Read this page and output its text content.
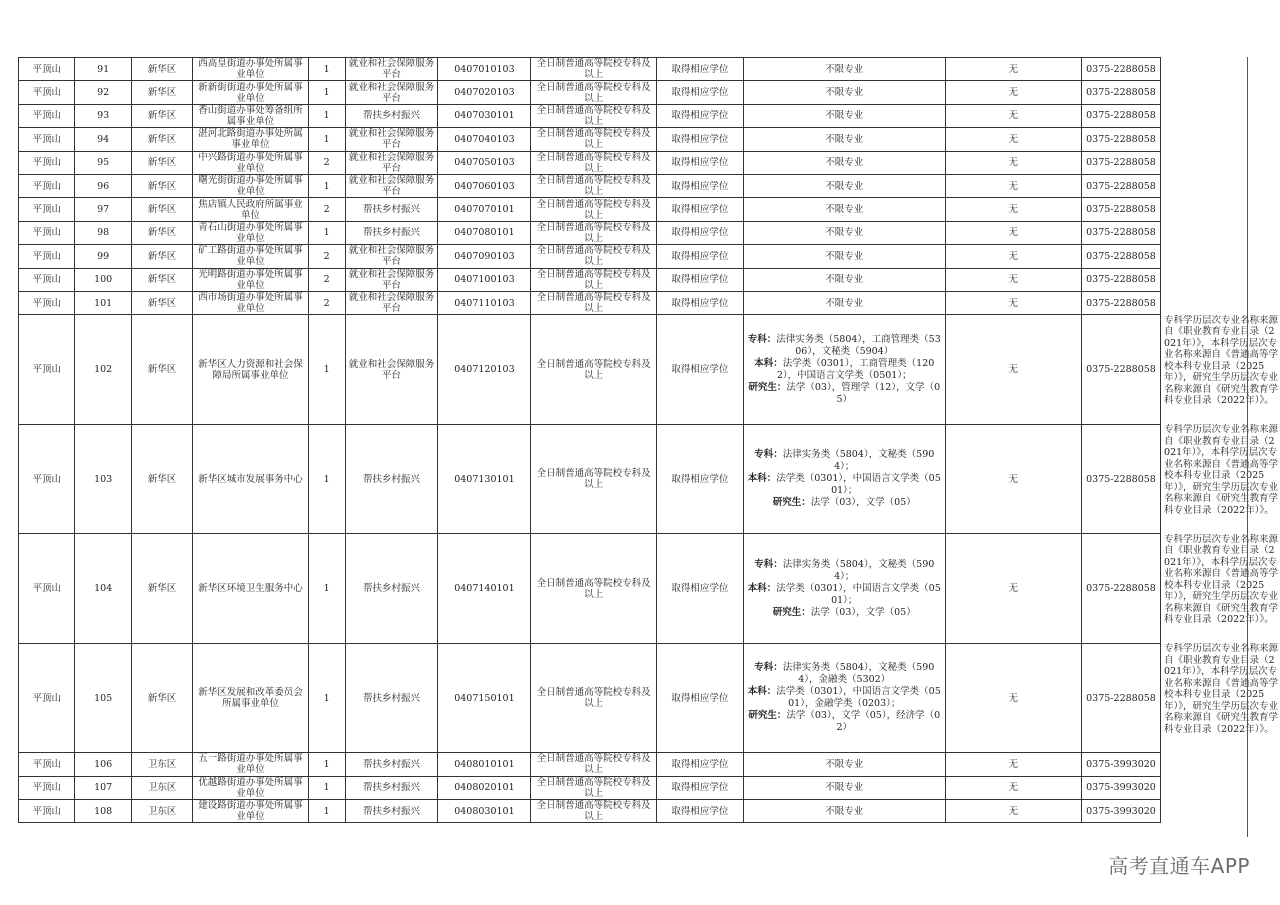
平顶山	91	新华区	西高皇街道办事处所属事业单位	1	就业和社会保障服务平台	0407010103	全日制普通高等院校专科及以上	取得相应学位	不限专业	无	0375-2288058	

平顶山	92	新华区	新新街街道办事处所属事业单位	1	就业和社会保障服务平台	0407020103	全日制普通高等院校专科及以上	取得相应学位	不限专业	无	0375-2288058	

平顶山	93	新华区	香山街道办事处筹备组所属事业单位	1	帮扶乡村振兴	0407030101	全日制普通高等院校专科及以上	取得相应学位	不限专业	无	0375-2288058	

平顶山	94	新华区	湛河北路街道办事处所属事业单位	1	就业和社会保障服务平台	0407040103	全日制普通高等院校专科及以上	取得相应学位	不限专业	无	0375-2288058	

平顶山	95	新华区	中兴路街道办事处所属事业单位	2	就业和社会保障服务平台	0407050103	全日制普通高等院校专科及以上	取得相应学位	不限专业	无	0375-2288058	

平顶山	96	新华区	曙光街街道办事处所属事业单位	1	就业和社会保障服务平台	0407060103	全日制普通高等院校专科及以上	取得相应学位	不限专业	无	0375-2288058	

平顶山	97	新华区	焦店镇人民政府所属事业单位	2	帮扶乡村振兴	0407070101	全日制普通高等院校专科及以上	取得相应学位	不限专业	无	0375-2288058	

平顶山	98	新华区	青石山街道办事处所属事业单位	1	帮扶乡村振兴	0407080101	全日制普通高等院校专科及以上	取得相应学位	不限专业	无	0375-2288058	

平顶山	99	新华区	矿工路街道办事处所属事业单位	2	就业和社会保障服务平台	0407090103	全日制普通高等院校专科及以上	取得相应学位	不限专业	无	0375-2288058	

平顶山	100	新华区	光明路街道办事处所属事业单位	2	就业和社会保障服务平台	0407100103	全日制普通高等院校专科及以上	取得相应学位	不限专业	无	0375-2288058	

平顶山	101	新华区	西市场街道办事处所属事业单位	2	就业和社会保障服务平台	0407110103	全日制普通高等院校专科及以上	取得相应学位	不限专业	无	0375-2288058	

平顶山	102	新华区	新华区人力资源和社会保障局所属事业单位	1	就业和社会保障服务平台	0407120103	全日制普通高等院校专科及以上	取得相应学位	专科：法律实务类（5804），工商管理类（5306），文秘类（5904）
本科：法学类（0301），工商管理类（1202），中国语言文学类（0501）；
研究生：法学（03），管理学（12），文学（05）	无	0375-2288058	专科学历层次专业名称来源自《职业教育专业目录（2021年）》，本科学历层次专业名称来源自《普通高等学校本科专业目录（2025年）》，研究生学历层次专业名称来源自《研究生教育学科专业目录（2022年）》。
平顶山	103	新华区	新华区城市发展事务中心	1	帮扶乡村振兴	0407130101	全日制普通高等院校专科及以上	取得相应学位	专科：法律实务类（5804），文秘类（5904）；
本科：法学类（0301），中国语言文学类（0501）；
研究生：法学（03），文学（05）	无	0375-2288058	专科学历层次专业名称来源自《职业教育专业目录（2021年）》，本科学历层次专业名称来源自《普通高等学校本科专业目录（2025年）》，研究生学历层次专业名称来源自《研究生教育学科专业目录（2022年）》。
平顶山	104	新华区	新华区环境卫生服务中心	1	帮扶乡村振兴	0407140101	全日制普通高等院校专科及以上	取得相应学位	专科：法律实务类（5804），文秘类（5904）；
本科：法学类（0301），中国语言文学类（0501）；
研究生：法学（03），文学（05）	无	0375-2288058	专科学历层次专业名称来源自《职业教育专业目录（2021年）》，本科学历层次专业名称来源自《普通高等学校本科专业目录（2025年）》，研究生学历层次专业名称来源自《研究生教育学科专业目录（2022年）》。
平顶山	105	新华区	新华区发展和改革委员会所属事业单位	1	帮扶乡村振兴	0407150101	全日制普通高等院校专科及以上	取得相应学位	专科：法律实务类（5804），文秘类（5904），金融类（5302）
本科：法学类（0301），中国语言文学类（0501），金融学类（0203）；
研究生：法学（03），文学（05），经济学（02）	无	0375-2288058	专科学历层次专业名称来源自《职业教育专业目录（2021年）》，本科学历层次专业名称来源自《普通高等学校本科专业目录（2025年）》，研究生学历层次专业名称来源自《研究生教育学科专业目录（2022年）》。

平顶山	106	卫东区	五一路街道办事处所属事业单位	1	帮扶乡村振兴	0408010101	全日制普通高等院校专科及以上	取得相应学位	不限专业	无	0375-3993020	

平顶山	107	卫东区	优越路街道办事处所属事业单位	1	帮扶乡村振兴	0408020101	全日制普通高等院校专科及以上	取得相应学位	不限专业	无	0375-3993020	

平顶山	108	卫东区	建设路街道办事处所属事业单位	1	帮扶乡村振兴	0408030101	全日制普通高等院校专科及以上	取得相应学位	不限专业	无	0375-3993020	

高考直通车APP
